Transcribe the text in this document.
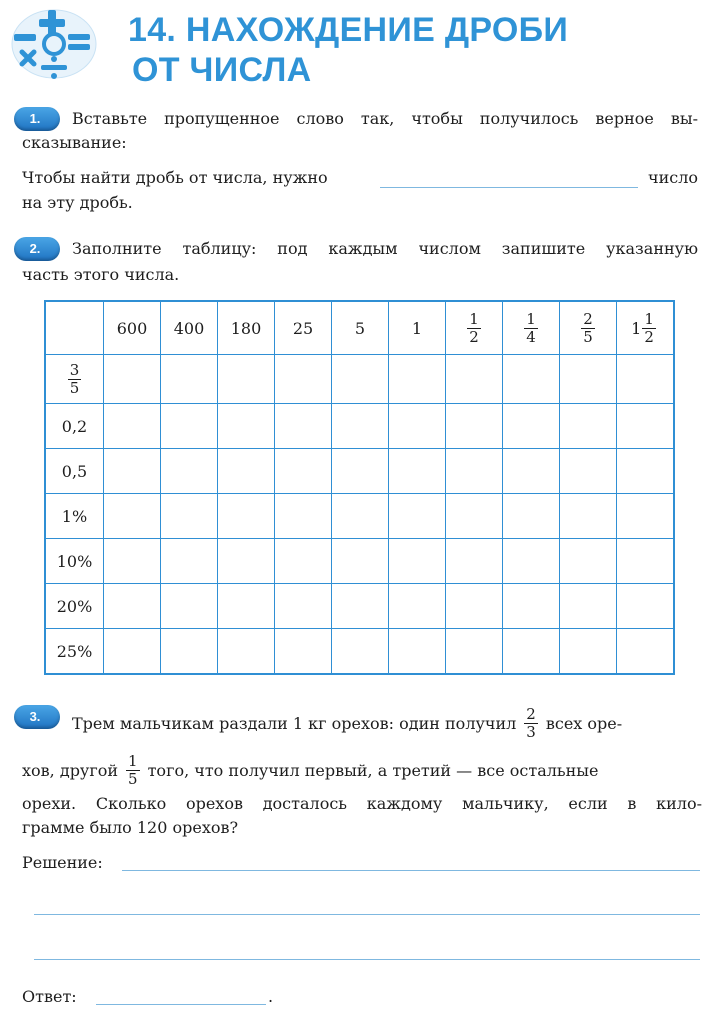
14. НАХОЖДЕНИЕ ДРОБИ
ОТ ЧИСЛА
1.	Вставьте пропущенное слово так, чтобы получилось верное вы-
сказывание:
Чтобы найти дробь от числа, нужно	число
на эту дробь.
2.	Заполните таблицу: под каждым числом запишите указанную
часть этого числа.
	600	400	180	25	5	1	$\frac{1}{2}$	$\frac{1}{4}$	$\frac{2}{5}$	$1 \frac{1}{2}$

$\frac{3}{5}$

0,2										
0,5										
1%										
10%										
20%										
25%										
3.	Трем мальчикам раздали 1 кг орехов: один получил $\frac{2}{3}$ всех оре-
хов, другой $\frac{1}{5}$ того, что получил первый, а третий — все остальные
орехи. Сколько орехов досталось каждому мальчику, если в кило-
грамме было 120 орехов?
Решение:
Ответ:	.
